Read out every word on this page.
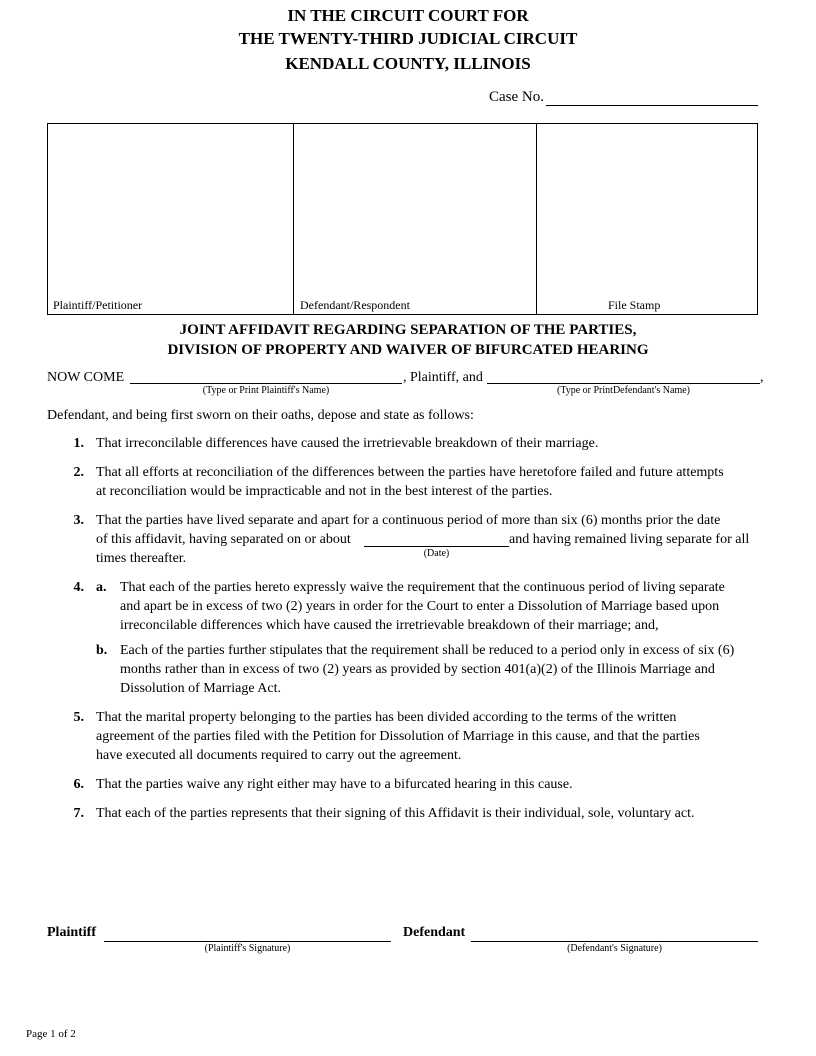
IN THE CIRCUIT COURT FOR
THE TWENTY-THIRD JUDICIAL CIRCUIT
KENDALL COUNTY, ILLINOIS
Case No.
Plaintiff/Petitioner	Defendant/Respondent	File Stamp
JOINT AFFIDAVIT REGARDING SEPARATION OF THE PARTIES,
DIVISION OF PROPERTY AND WAIVER OF BIFURCATED HEARING
NOW COME	, Plaintiff, and	,
(Type or Print Plaintiff's Name)	(Type or PrintDefendant's Name)
Defendant, and being first sworn on their oaths, depose and state as follows:
1. That irreconcilable differences have caused the irretrievable breakdown of their marriage.
2. That all efforts at reconciliation of the differences between the parties have heretofore failed and future attempts
at reconciliation would be impracticable and not in the best interest of the parties.
3. That the parties have lived separate and apart for a continuous period of more than six (6) months prior the date
of this affidavit, having separated on or about	and having remained living separate for all
(Date)
times thereafter.
4. a. That each of the parties hereto expressly waive the requirement that the continuous period of living separate
and apart be in excess of two (2) years in order for the Court to enter a Dissolution of Marriage based upon
irreconcilable differences which have caused the irretrievable breakdown of their marriage; and,
b. Each of the parties further stipulates that the requirement shall be reduced to a period only in excess of six (6)
months rather than in excess of two (2) years as provided by section 401(a)(2) of the Illinois Marriage and
Dissolution of Marriage Act.
5. That the marital property belonging to the parties has been divided according to the terms of the written
agreement of the parties filed with the Petition for Dissolution of Marriage in this cause, and that the parties
have executed all documents required to carry out the agreement.
6. That the parties waive any right either may have to a bifurcated hearing in this cause.
7. That each of the parties represents that their signing of this Affidavit is their individual, sole, voluntary act.
Plaintiff
(Plaintiff's Signature)
Defendant
(Defendant's Signature)
Page 1 of 2
